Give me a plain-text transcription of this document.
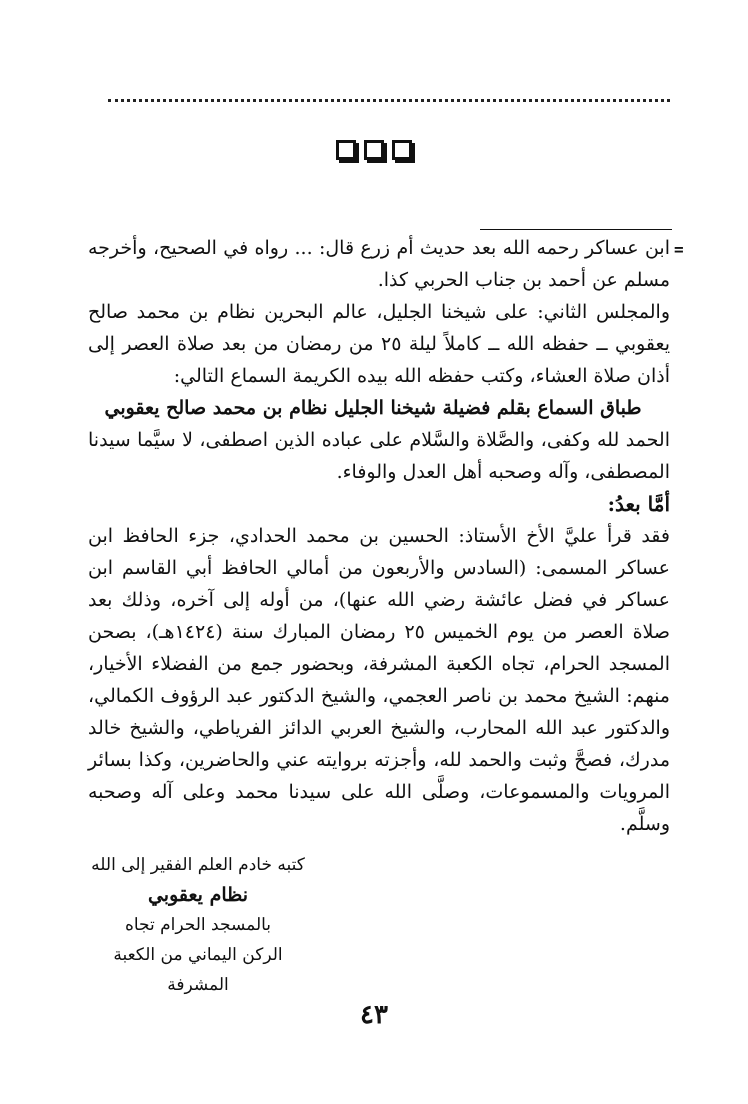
=

ابن عساكر رحمه الله بعد حديث أم زرع قال: ... رواه في الصحيح، وأخرجه مسلم عن أحمد بن جناب الحربي كذا.

والمجلس الثاني: على شيخنا الجليل، عالم البحرين نظام بن محمد صالح يعقوبي ــ حفظه الله ــ كاملاً ليلة ٢٥ من رمضان من بعد صلاة العصر إلى أذان صلاة العشاء، وكتب حفظه الله بيده الكريمة السماع التالي:

طباق السماع بقلم فضيلة شيخنا الجليل نظام بن محمد صالح يعقوبي

الحمد لله وكفى، والصَّلاة والسَّلام على عباده الذين اصطفى، لا سيَّما سيدنا المصطفى، وآله وصحبه أهل العدل والوفاء.

أمَّا بعدُ:

فقد قرأ عليَّ الأخ الأستاذ: الحسين بن محمد الحدادي، جزء الحافظ ابن عساكر المسمى: (السادس والأربعون من أمالي الحافظ أبي القاسم ابن عساكر في فضل عائشة رضي الله عنها)، من أوله إلى آخره، وذلك بعد صلاة العصر من يوم الخميس ٢٥ رمضان المبارك سنة (١٤٢٤هـ)، بصحن المسجد الحرام، تجاه الكعبة المشرفة، وبحضور جمع من الفضلاء الأخيار، منهم: الشيخ محمد بن ناصر العجمي، والشيخ الدكتور عبد الرؤوف الكمالي، والدكتور عبد الله المحارب، والشيخ العربي الدائز الفرياطي، والشيخ خالد مدرك، فصحَّ وثبت والحمد لله، وأجزته بروايته عني والحاضرين، وكذا بسائر المرويات والمسموعات، وصلَّى الله على سيدنا محمد وعلى آله وصحبه وسلَّم.

كتبه خادم العلم الفقير إلى الله
نظام يعقوبي
بالمسجد الحرام تجاه
الركن اليماني من الكعبة المشرفة
٤٣
